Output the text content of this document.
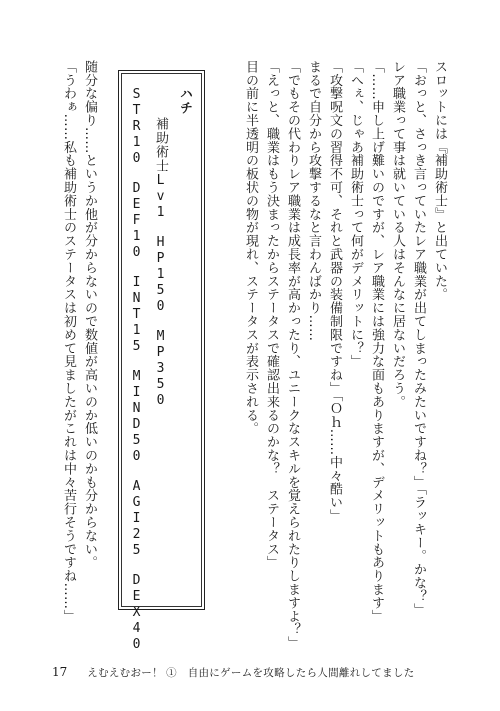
スロットには『補助術士』と出ていた。
「おっと、さっき言っていたレア職業が出てしまったみたいですね？」「ラッキー。かな？」
レア職業って事は就いている人はそんなに居ないだろう。
「……申し上げ難いのですが、レア職業には強力な面もありますが、デメリットもあります」
「へぇ、じゃあ補助術士って何がデメリットに？」
「攻撃呪文の習得不可、それと武器の装備制限ですね」「Ｏｈ……中々酷い」
まるで自分から攻撃するなと言わんばかり……
「でもその代わりレア職業は成長率が高かったり、ユニークなスキルを覚えられたりしますよ？」
「えっと、職業はもう決まったからステータスで確認出来るのかな？　ステータス」
目の前に半透明の板状の物が現れ、ステータスが表示される。
ハチ
補助術士Lv1　HP150　MP350
STR10　DEF10　INT15　MIND50　AGI25　DEX40
随分な偏り……というか他が分からないので数値が高いのか低いのかも分からない。
「うわぁ……私も補助術士のステータスは初めて見ましたがこれは中々苦行そうですね……」
17 えむえむおー！ ①　自由にゲームを攻略したら人間離れしてました
